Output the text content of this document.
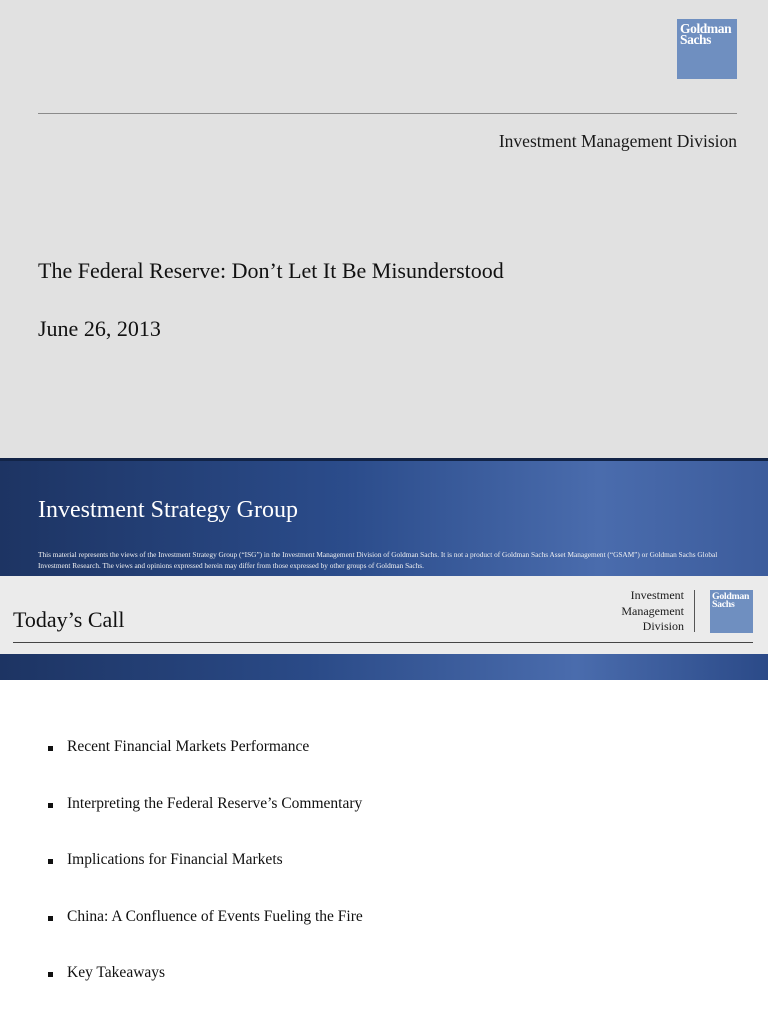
Goldman
Sachs
Investment Management Division
The Federal Reserve: Don’t Let It Be Misunderstood
June 26, 2013
Investment Strategy Group
This material represents the views of the Investment Strategy Group (“ISG”) in the Investment Management Division of Goldman Sachs. It is not a product of Goldman Sachs Asset Management (“GSAM”) or Goldman Sachs Global Investment Research. The views and opinions expressed herein may differ from those expressed by other groups of Goldman Sachs.
Today’s Call
Investment
Management
Division
Goldman
Sachs
Recent Financial Markets Performance
Interpreting the Federal Reserve’s Commentary
Implications for Financial Markets
China: A Confluence of Events Fueling the Fire
Key Takeaways
